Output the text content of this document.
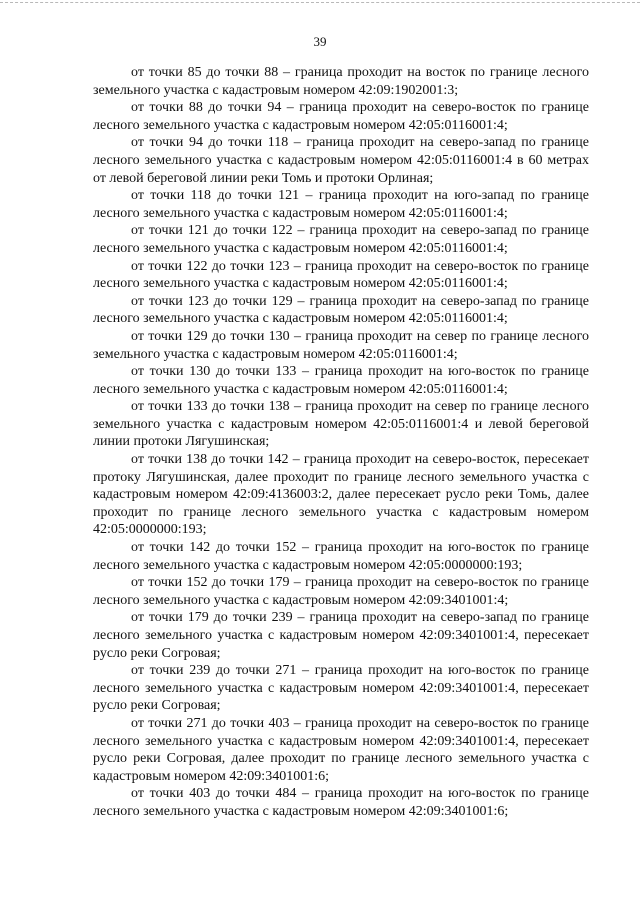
39

от точки 85 до точки 88 – граница проходит на восток по границе лесного земельного участка с кадастровым номером 42:09:1902001:3;

от точки 88 до точки 94 – граница проходит на северо-восток по границе лесного земельного участка с кадастровым номером 42:05:0116001:4;

от точки 94 до точки 118 – граница проходит на северо-запад по границе лесного земельного участка с кадастровым номером 42:05:0116001:4 в 60 метрах от левой береговой линии реки Томь и протоки Орлиная;

от точки 118 до точки 121 – граница проходит на юго-запад по границе лесного земельного участка с кадастровым номером 42:05:0116001:4;

от точки 121 до точки 122 – граница проходит на северо-запад по границе лесного земельного участка с кадастровым номером 42:05:0116001:4;

от точки 122 до точки 123 – граница проходит на северо-восток по границе лесного земельного участка с кадастровым номером 42:05:0116001:4;

от точки 123 до точки 129 – граница проходит на северо-запад по границе лесного земельного участка с кадастровым номером 42:05:0116001:4;

от точки 129 до точки 130 – граница проходит на север по границе лесного земельного участка с кадастровым номером 42:05:0116001:4;

от точки 130 до точки 133 – граница проходит на юго-восток по границе лесного земельного участка с кадастровым номером 42:05:0116001:4;

от точки 133 до точки 138 – граница проходит на север по границе лесного земельного участка с кадастровым номером 42:05:0116001:4 и левой береговой линии протоки Лягушинская;

от точки 138 до точки 142 – граница проходит на северо-восток, пересекает протоку Лягушинская, далее проходит по границе лесного земельного участка с кадастровым номером 42:09:4136003:2, далее пересекает русло реки Томь, далее проходит по границе лесного земельного участка с кадастровым номером 42:05:0000000:193;

от точки 142 до точки 152 – граница проходит на юго-восток по границе лесного земельного участка с кадастровым номером 42:05:0000000:193;

от точки 152 до точки 179 – граница проходит на северо-восток по границе лесного земельного участка с кадастровым номером 42:09:3401001:4;

от точки 179 до точки 239 – граница проходит на северо-запад по границе лесного земельного участка с кадастровым номером 42:09:3401001:4, пересекает русло реки Согровая;

от точки 239 до точки 271 – граница проходит на юго-восток по границе лесного земельного участка с кадастровым номером 42:09:3401001:4, пересекает русло реки Согровая;

от точки 271 до точки 403 – граница проходит на северо-восток по границе лесного земельного участка с кадастровым номером 42:09:3401001:4, пересекает русло реки Согровая, далее проходит по границе лесного земельного участка с кадастровым номером 42:09:3401001:6;

от точки 403 до точки 484 – граница проходит на юго-восток по границе лесного земельного участка с кадастровым номером 42:09:3401001:6;
